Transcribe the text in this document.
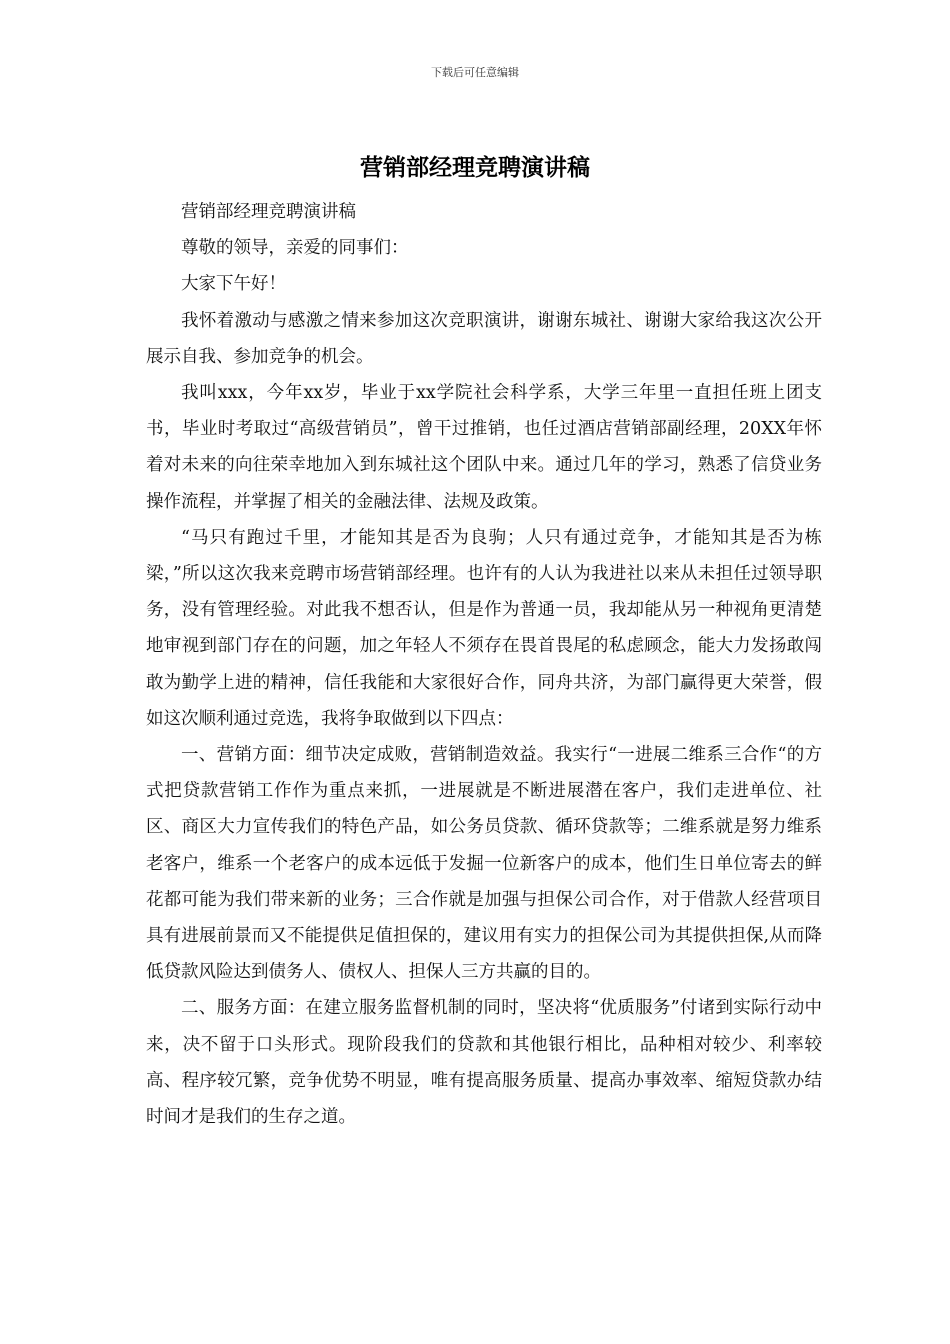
下载后可任意编辑
营销部经理竞聘演讲稿

营销部经理竞聘演讲稿

尊敬的领导，亲爱的同事们：

大家下午好！

我怀着激动与感激之情来参加这次竞职演讲，谢谢东城社、谢谢大家给我这次公开展示自我、参加竞争的机会。

我叫xxx，今年xx岁，毕业于xx学院社会科学系，大学三年里一直担任班上团支书，毕业时考取过“高级营销员”，曾干过推销，也任过酒店营销部副经理，20XX年怀着对未来的向往荣幸地加入到东城社这个团队中来。通过几年的学习，熟悉了信贷业务操作流程，并掌握了相关的金融法律、法规及政策。

“马只有跑过千里，才能知其是否为良驹；人只有通过竞争，才能知其是否为栋梁，”所以这次我来竞聘市场营销部经理。也许有的人认为我进社以来从未担任过领导职务，没有管理经验。对此我不想否认，但是作为普通一员，我却能从另一种视角更清楚地审视到部门存在的问题，加之年轻人不须存在畏首畏尾的私虑顾念，能大力发扬敢闯敢为勤学上进的精神，信任我能和大家很好合作，同舟共济，为部门赢得更大荣誉，假如这次顺利通过竞选，我将争取做到以下四点：

一、营销方面：细节决定成败，营销制造效益。我实行“一进展二维系三合作“的方式把贷款营销工作作为重点来抓，一进展就是不断进展潜在客户，我们走进单位、社区、商区大力宣传我们的特色产品，如公务员贷款、循环贷款等；二维系就是努力维系老客户，维系一个老客户的成本远低于发掘一位新客户的成本，他们生日单位寄去的鲜花都可能为我们带来新的业务；三合作就是加强与担保公司合作，对于借款人经营项目具有进展前景而又不能提供足值担保的，建议用有实力的担保公司为其提供担保,从而降低贷款风险达到债务人、债权人、担保人三方共赢的目的。

二、服务方面：在建立服务监督机制的同时，坚决将“优质服务”付诸到实际行动中来，决不留于口头形式。现阶段我们的贷款和其他银行相比，品种相对较少、利率较高、程序较冗繁，竞争优势不明显，唯有提高服务质量、提高办事效率、缩短贷款办结时间才是我们的生存之道。
